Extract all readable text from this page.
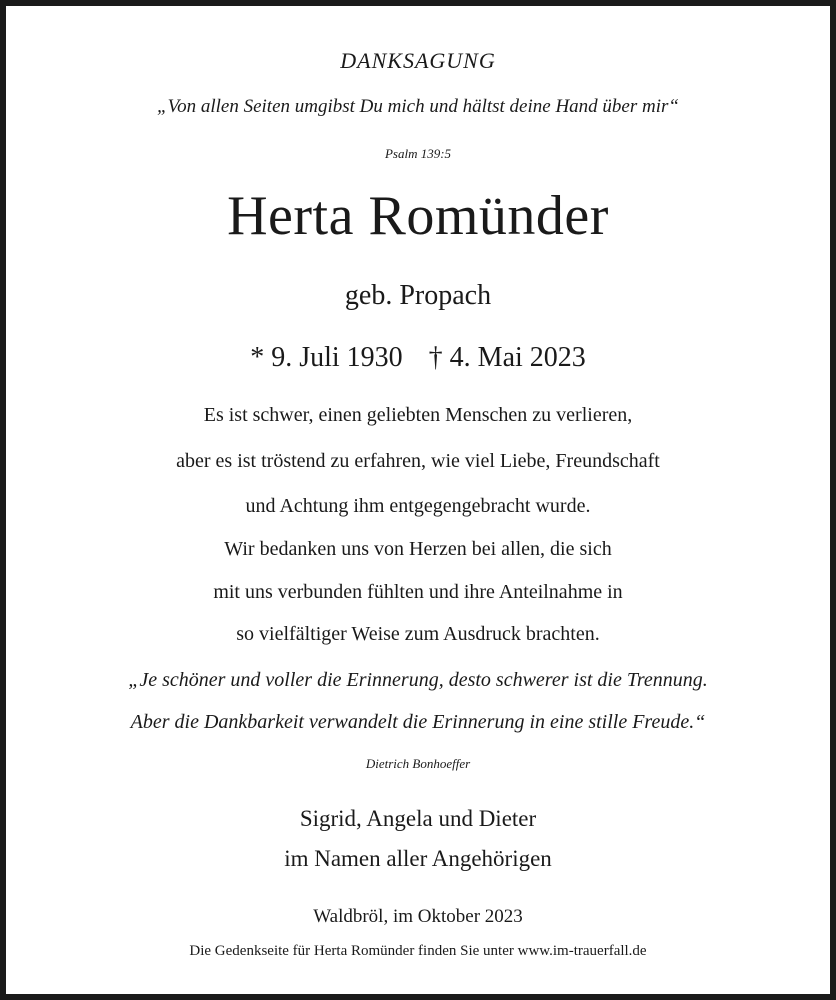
DANKSAGUNG
„Von allen Seiten umgibst Du mich und hältst deine Hand über mir“
Psalm 139:5
Herta Romünder
geb. Propach
* 9. Juli 1930 † 4. Mai 2023
Es ist schwer, einen geliebten Menschen zu verlieren,
aber es ist tröstend zu erfahren, wie viel Liebe, Freundschaft
und Achtung ihm entgegengebracht wurde.
Wir bedanken uns von Herzen bei allen, die sich
mit uns verbunden fühlten und ihre Anteilnahme in
so vielfältiger Weise zum Ausdruck brachten.
„Je schöner und voller die Erinnerung, desto schwerer ist die Trennung.
Aber die Dankbarkeit verwandelt die Erinnerung in eine stille Freude.“
Dietrich Bonhoeffer
Sigrid, Angela und Dieter
im Namen aller Angehörigen
Waldbröl, im Oktober 2023
Die Gedenkseite für Herta Romünder finden Sie unter www.im-trauerfall.de
